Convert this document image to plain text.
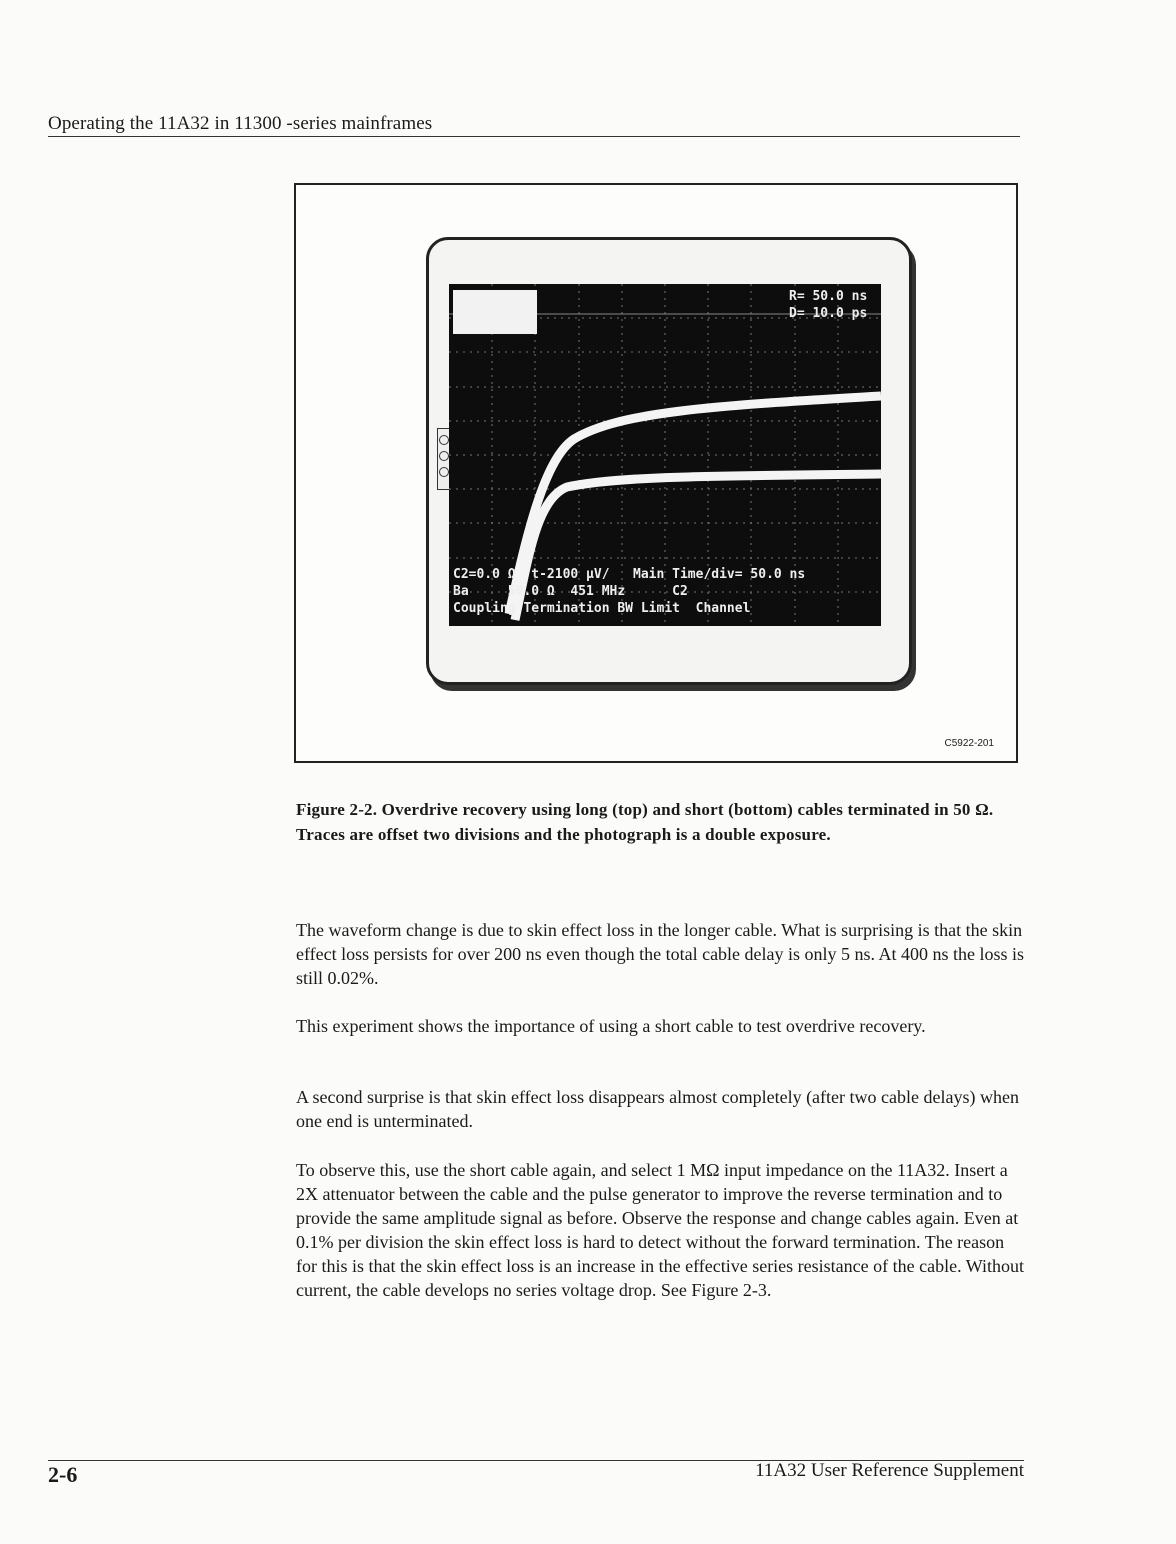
Operating the 11A32 in 11300 -series mainframes
R= 50.0 ns
D= 10.0 ps
C2=0.0 Ω  t-2100 µV/   Main Time/div= 50.0 ns
Ba     50.0 Ω  451 MHz      C2
Coupling Termination BW Limit  Channel
C5922-201
Figure 2-2. Overdrive recovery using long (top) and short (bottom) cables terminated in 50 Ω. Traces are offset two divisions and the photograph is a double exposure.
The waveform change is due to skin effect loss in the longer cable. What is surprising is that the skin effect loss persists for over 200 ns even though the total cable delay is only 5 ns. At 400 ns the loss is still 0.02%.
This experiment shows the importance of using a short cable to test overdrive recovery.
A second surprise is that skin effect loss disappears almost completely (after two cable delays) when one end is unterminated.
To observe this, use the short cable again, and select 1 MΩ input impedance on the 11A32. Insert a 2X attenuator between the cable and the pulse generator to improve the reverse termination and to provide the same amplitude signal as before. Observe the response and change cables again. Even at 0.1% per division the skin effect loss is hard to detect without the forward termination. The reason for this is that the skin effect loss is an increase in the effective series resistance of the cable. Without current, the cable develops no series voltage drop. See Figure 2-3.
2-6	11A32 User Reference Supplement
